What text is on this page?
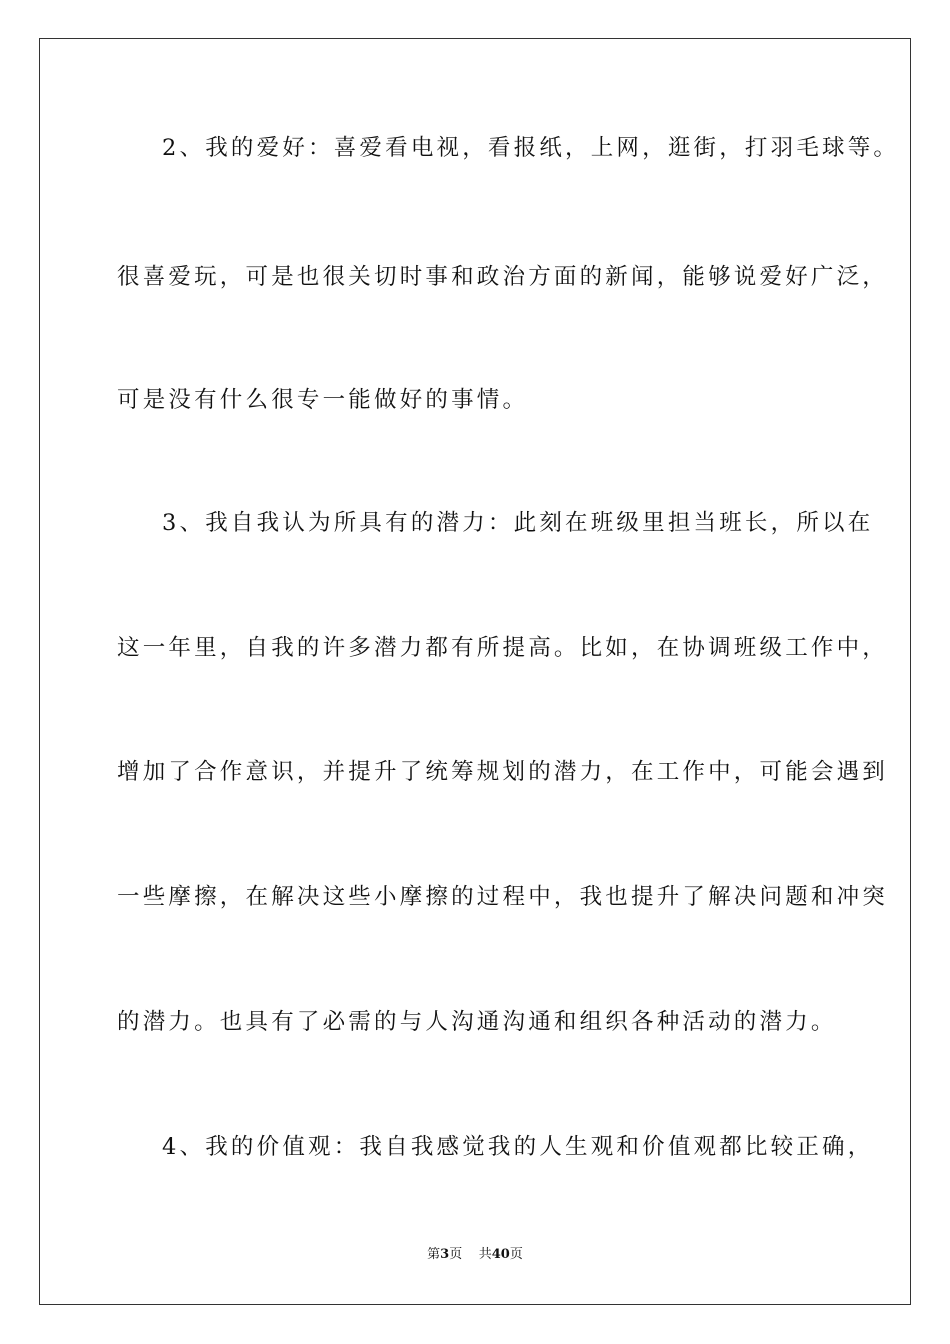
2、我的爱好：喜爱看电视，看报纸，上网，逛街，打羽毛球等。
很喜爱玩，可是也很关切时事和政治方面的新闻，能够说爱好广泛，
可是没有什么很专一能做好的事情。
3、我自我认为所具有的潜力：此刻在班级里担当班长，所以在
这一年里，自我的许多潜力都有所提高。比如，在协调班级工作中，
增加了合作意识，并提升了统筹规划的潜力，在工作中，可能会遇到
一些摩擦，在解决这些小摩擦的过程中，我也提升了解决问题和冲突
的潜力。也具有了必需的与人沟通沟通和组织各种活动的潜力。
4、我的价值观：我自我感觉我的人生观和价值观都比较正确，
第3页 共40页
